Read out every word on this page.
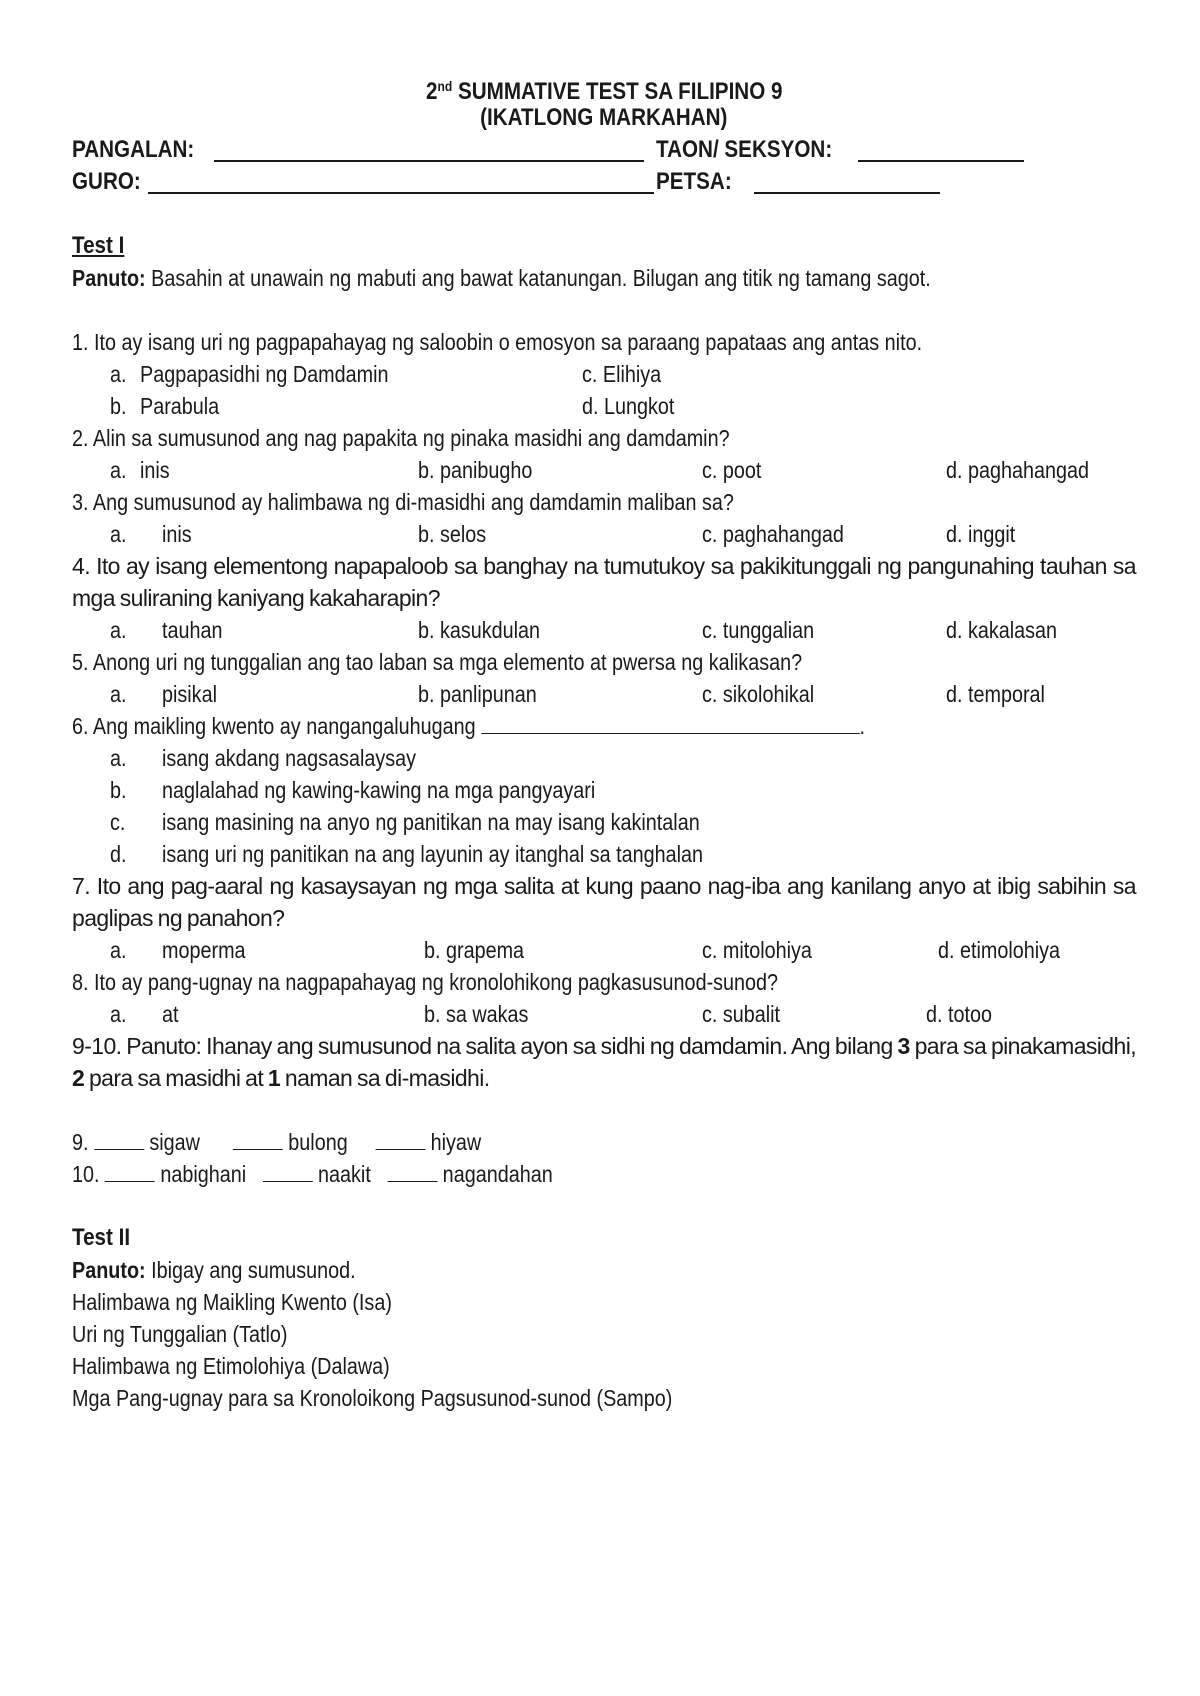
2nd SUMMATIVE TEST SA FILIPINO 9
(IKATLONG MARKAHAN)
PANGALAN:	TAON/ SEKSYON:
GURO:	PETSA:
Test I
Panuto: Basahin at unawain ng mabuti ang bawat katanungan. Bilugan ang titik ng tamang sagot.
1. Ito ay isang uri ng pagpapahayag ng saloobin o emosyon sa paraang papataas ang antas nito.
a. Pagpapasidhi ng Damdamin	c. Elihiya
b. Parabula	d. Lungkot
2. Alin sa sumusunod ang nag papakita ng pinaka masidhi ang damdamin?
a. inis	b. panibugho	c. poot	d. paghahangad
3. Ang sumusunod ay halimbawa ng di-masidhi ang damdamin maliban sa?
a. inis	b. selos	c. paghahangad	d. inggit
4. Ito ay isang elementong napapaloob sa banghay na tumutukoy sa pakikitunggali ng pangunahing tauhan sa mga suliraning kaniyang kakaharapin?
a. tauhan	b. kasukdulan	c. tunggalian	d. kakalasan
5. Anong uri ng tunggalian ang tao laban sa mga elemento at pwersa ng kalikasan?
a. pisikal	b. panlipunan	c. sikolohikal	d. temporal
6. Ang maikling kwento ay nangangaluhugang	.
a. isang akdang nagsasalaysay
b. naglalahad ng kawing-kawing na mga pangyayari
c. isang masining na anyo ng panitikan na may isang kakintalan
d. isang uri ng panitikan na ang layunin ay itanghal sa tanghalan
7. Ito ang pag-aaral ng kasaysayan ng mga salita at kung paano nag-iba ang kanilang anyo at ibig sabihin sa paglipas ng panahon?
a. moperma	b. grapema	c. mitolohiya	d. etimolohiya
8. Ito ay pang-ugnay na nagpapahayag ng kronolohikong pagkasusunod-sunod?
a. at	b. sa wakas	c. subalit	d. totoo
9-10. Panuto: Ihanay ang sumusunod na salita ayon sa sidhi ng damdamin. Ang bilang 3 para sa pinakamasidhi, 2 para sa masidhi at 1 naman sa di-masidhi.
9.	sigaw	bulong	hiyaw
10.	nabighani	naakit	nagandahan
Test II
Panuto: Ibigay ang sumusunod.
Halimbawa ng Maikling Kwento (Isa)
Uri ng Tunggalian (Tatlo)
Halimbawa ng Etimolohiya (Dalawa)
Mga Pang-ugnay para sa Kronoloikong Pagsusunod-sunod (Sampo)
